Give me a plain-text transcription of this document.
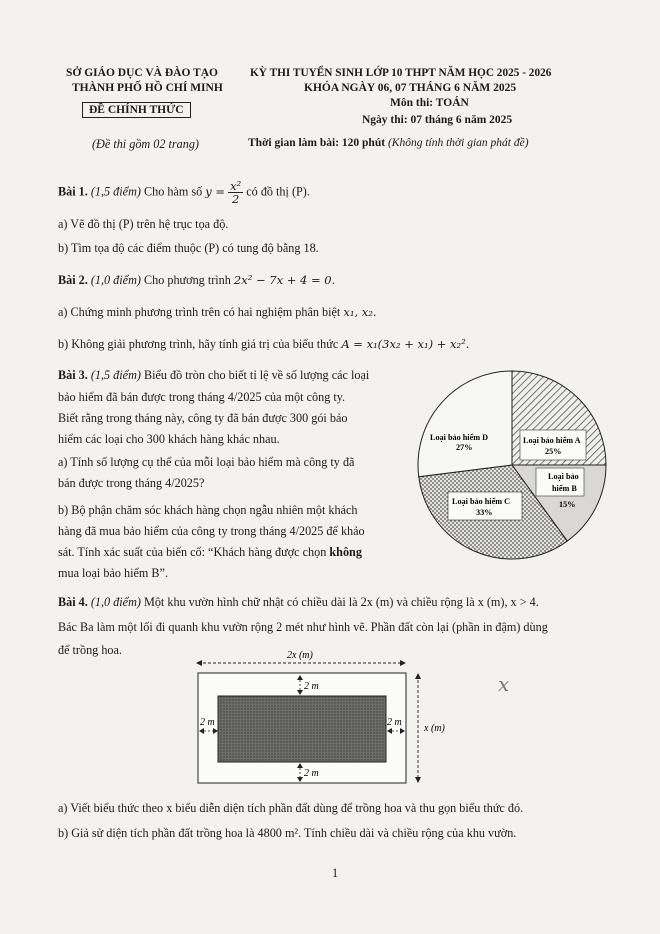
SỞ GIÁO DỤC VÀ ĐÀO TẠO
THÀNH PHỐ HỒ CHÍ MINH
ĐỀ CHÍNH THỨC
(Đề thi gồm 02 trang)
KỲ THI TUYỂN SINH LỚP 10 THPT NĂM HỌC 2025 - 2026
KHÓA NGÀY 06, 07 THÁNG 6 NĂM 2025
Môn thi: TOÁN
Ngày thi: 07 tháng 6 năm 2025
Thời gian làm bài: 120 phút (Không tính thời gian phát đề)
Bài 1. (1,5 điểm) Cho hàm số $y = \frac{\text{x²}}{2}$ có đồ thị (P).
a) Vẽ đồ thị (P) trên hệ trục tọa độ.
b) Tìm tọa độ các điểm thuộc (P) có tung độ bằng 18.
Bài 2. (1,0 điểm) Cho phương trình 2x² − 7x + 4 = 0.
a) Chứng minh phương trình trên có hai nghiệm phân biệt x₁, x₂.
b) Không giải phương trình, hãy tính giá trị của biểu thức A = x₁(3x₂ + x₁) + x₂².
Bài 3. (1,5 điểm) Biểu đồ tròn cho biết tỉ lệ về số lượng các loại
bảo hiểm đã bán được trong tháng 4/2025 của một công ty.
Biết rằng trong tháng này, công ty đã bán được 300 gói bảo
hiểm các loại cho 300 khách hàng khác nhau.
a) Tính số lượng cụ thể của mỗi loại bảo hiểm mà công ty đã
bán được trong tháng 4/2025?
b) Bộ phận chăm sóc khách hàng chọn ngẫu nhiên một khách
hàng đã mua bảo hiểm của công ty trong tháng 4/2025 để khảo
sát. Tính xác suất của biến cố: “Khách hàng được chọn không
mua loại bảo hiểm B”.
Loại bảo hiểm D
27%
Loại bảo hiểm A
25%
Loại bảo
hiểm B
15%
Loại bảo hiểm C
33%
Bài 4. (1,0 điểm) Một khu vườn hình chữ nhật có chiều dài là 2x (m) và chiều rộng là x (m), x > 4.
Bác Ba làm một lối đi quanh khu vườn rộng 2 mét như hình vẽ. Phần đất còn lại (phần in đậm) dùng
để trồng hoa.	2x (m)
2 m
2 m
2 m	2 m
x (m)
x
a) Viết biểu thức theo x biểu diễn diện tích phần đất dùng để trồng hoa và thu gọn biểu thức đó.
b) Giả sử diện tích phần đất trồng hoa là 4800 m². Tính chiều dài và chiều rộng của khu vườn.
1
